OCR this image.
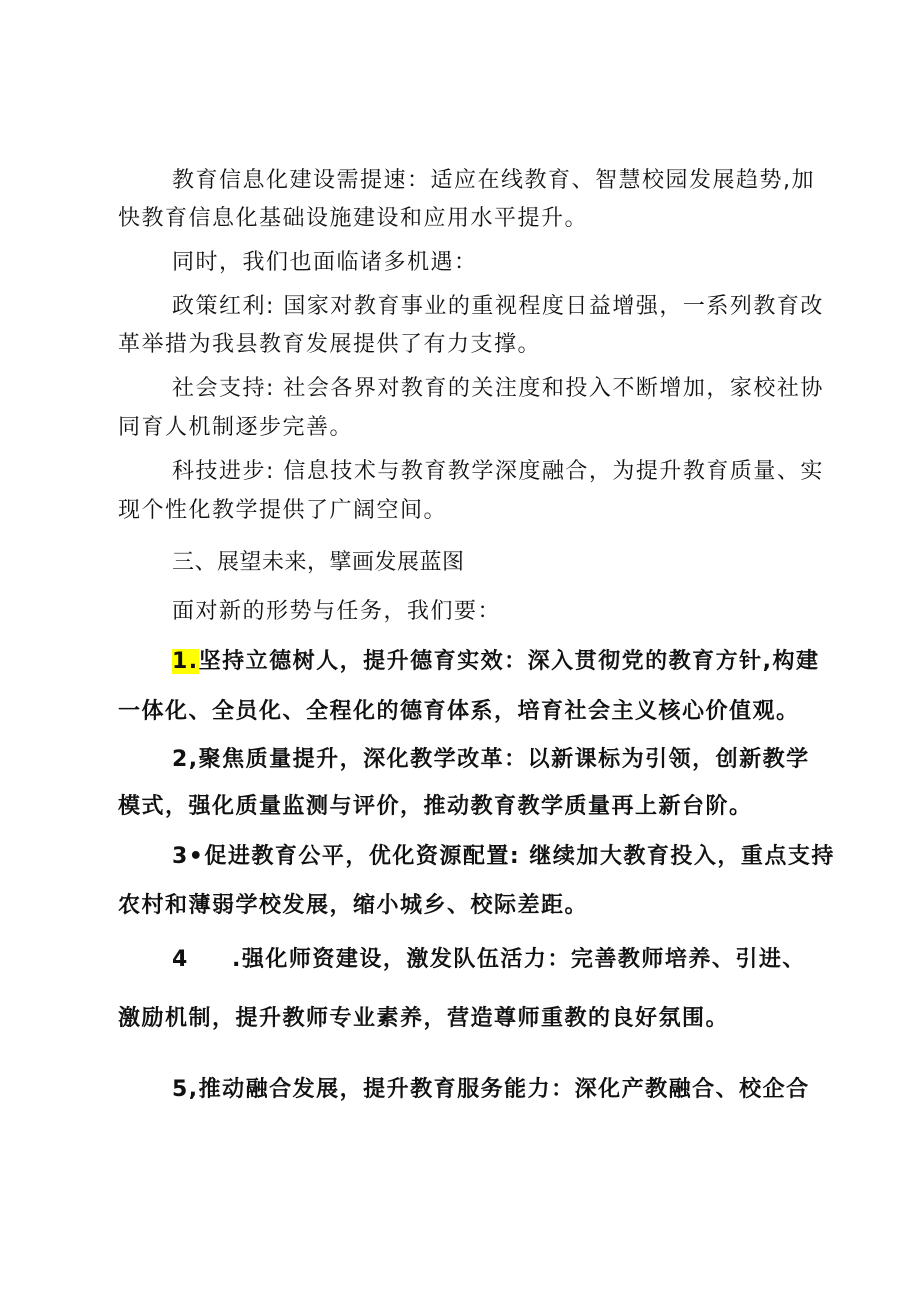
教育信息化建设需提速：适应在线教育、智慧校园发展趋势,加
快教育信息化基础设施建设和应用水平提升。
同时，我们也面临诸多机遇：
政策红利: 国家对教育事业的重视程度日益增强，一系列教育改
革举措为我县教育发展提供了有力支撑。
社会支持: 社会各界对教育的关注度和投入不断增加，家校社协
同育人机制逐步完善。
科技进步: 信息技术与教育教学深度融合，为提升教育质量、实
现个性化教学提供了广阔空间。
三、展望未来，擘画发展蓝图
面对新的形势与任务，我们要：
1.坚持立德树人，提升德育实效：深入贯彻党的教育方针,构建
一体化、全员化、全程化的德育体系，培育社会主义核心价值观。
2,聚焦质量提升，深化教学改革：以新课标为引领，创新教学
模式，强化质量监测与评价，推动教育教学质量再上新台阶。
3•促进教育公平，优化资源配置: 继续加大教育投入，重点支持
农村和薄弱学校发展，缩小城乡、校际差距。
4 .强化师资建设，激发队伍活力：完善教师培养、引进、
激励机制，提升教师专业素养，营造尊师重教的良好氛围。
5,推动融合发展，提升教育服务能力：深化产教融合、校企合
